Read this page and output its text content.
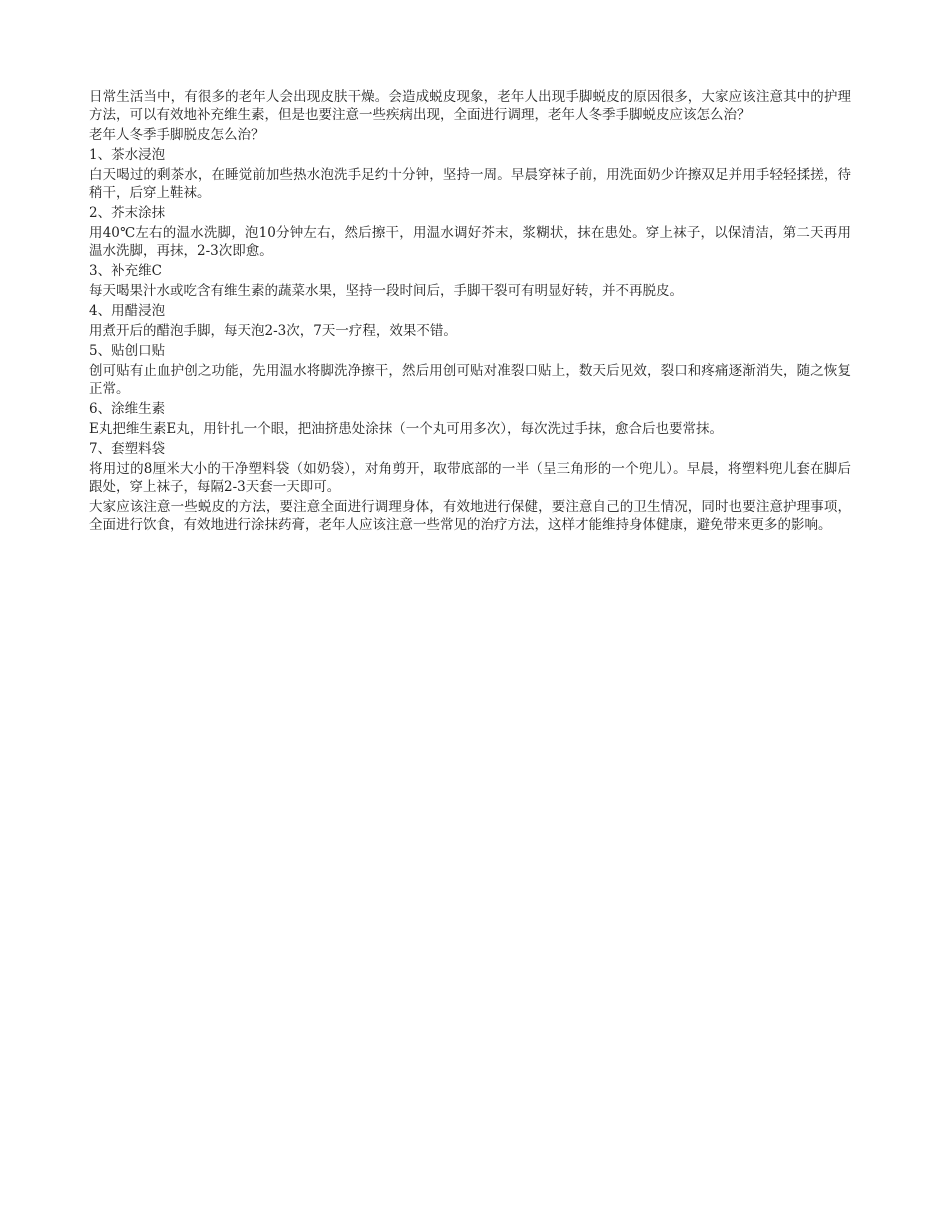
日常生活当中，有很多的老年人会出现皮肤干燥。会造成蜕皮现象，老年人出现手脚蜕皮的原因很多，大家应该注意其中的护理方法，可以有效地补充维生素，但是也要注意一些疾病出现，全面进行调理，老年人冬季手脚蜕皮应该怎么治？

老年人冬季手脚脱皮怎么治？

1、茶水浸泡

白天喝过的剩茶水，在睡觉前加些热水泡洗手足约十分钟，坚持一周。早晨穿袜子前，用洗面奶少许擦双足并用手轻轻揉搓，待稍干，后穿上鞋袜。

2、芥末涂抹

用40℃左右的温水洗脚，泡10分钟左右，然后擦干，用温水调好芥末，浆糊状，抹在患处。穿上袜子，以保清洁，第二天再用温水洗脚，再抹，2-3次即愈。

3、补充维C

每天喝果汁水或吃含有维生素的蔬菜水果，坚持一段时间后，手脚干裂可有明显好转，并不再脱皮。

4、用醋浸泡

用煮开后的醋泡手脚，每天泡2-3次，7天一疗程，效果不错。

5、贴创口贴

创可贴有止血护创之功能，先用温水将脚洗净擦干，然后用创可贴对准裂口贴上，数天后见效，裂口和疼痛逐渐消失，随之恢复正常。

6、涂维生素

E丸把维生素E丸，用针扎一个眼，把油挤患处涂抹（一个丸可用多次），每次洗过手抹，愈合后也要常抹。

7、套塑料袋

将用过的8厘米大小的干净塑料袋（如奶袋），对角剪开，取带底部的一半（呈三角形的一个兜儿）。早晨，将塑料兜儿套在脚后跟处，穿上袜子，每隔2-3天套一天即可。

大家应该注意一些蜕皮的方法，要注意全面进行调理身体，有效地进行保健，要注意自己的卫生情况，同时也要注意护理事项，全面进行饮食，有效地进行涂抹药膏，老年人应该注意一些常见的治疗方法，这样才能维持身体健康，避免带来更多的影响。
